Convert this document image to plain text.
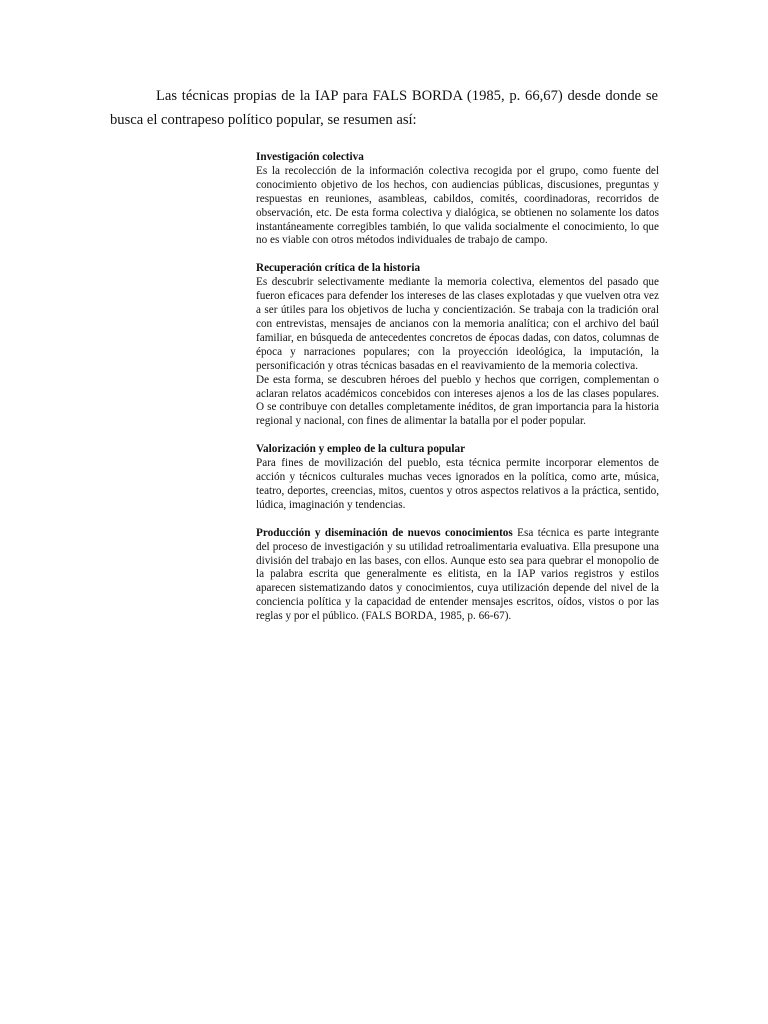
Las técnicas propias de la IAP para FALS BORDA (1985, p. 66,67) desde donde se busca el contrapeso político popular, se resumen así:

Investigación colectiva

Es la recolección de la información colectiva recogida por el grupo, como fuente del conocimiento objetivo de los hechos, con audiencias públicas, discusiones, preguntas y respuestas en reuniones, asambleas, cabildos, comités, coordinadoras, recorridos de observación, etc. De esta forma colectiva y dialógica, se obtienen no solamente los datos instantáneamente corregibles también, lo que valida socialmente el conocimiento, lo que no es viable con otros métodos individuales de trabajo de campo.

Recuperación crítica de la historia

Es descubrir selectivamente mediante la memoria colectiva, elementos del pasado que fueron eficaces para defender los intereses de las clases explotadas y que vuelven otra vez a ser útiles para los objetivos de lucha y concientización. Se trabaja con la tradición oral con entrevistas, mensajes de ancianos con la memoria analítica; con el archivo del baúl familiar, en búsqueda de antecedentes concretos de épocas dadas, con datos, columnas de época y narraciones populares; con la proyección ideológica, la imputación, la personificación y otras técnicas basadas en el reavivamiento de la memoria colectiva.

De esta forma, se descubren héroes del pueblo y hechos que corrigen, complementan o aclaran relatos académicos concebidos con intereses ajenos a los de las clases populares. O se contribuye con detalles completamente inéditos, de gran importancia para la historia regional y nacional, con fines de alimentar la batalla por el poder popular.

Valorización y empleo de la cultura popular

Para fines de movilización del pueblo, esta técnica permite incorporar elementos de acción y técnicos culturales muchas veces ignorados en la política, como arte, música, teatro, deportes, creencias, mitos, cuentos y otros aspectos relativos a la práctica, sentido, lúdica, imaginación y tendencias.

Producción y diseminación de nuevos conocimientos Esa técnica es parte integrante del proceso de investigación y su utilidad retroalimentaria evaluativa. Ella presupone una división del trabajo en las bases, con ellos. Aunque esto sea para quebrar el monopolio de la palabra escrita que generalmente es elitista, en la IAP varios registros y estilos aparecen sistematizando datos y conocimientos, cuya utilización depende del nivel de la conciencia política y la capacidad de entender mensajes escritos, oídos, vistos o por las reglas y por el público. (FALS BORDA, 1985, p. 66-67).
